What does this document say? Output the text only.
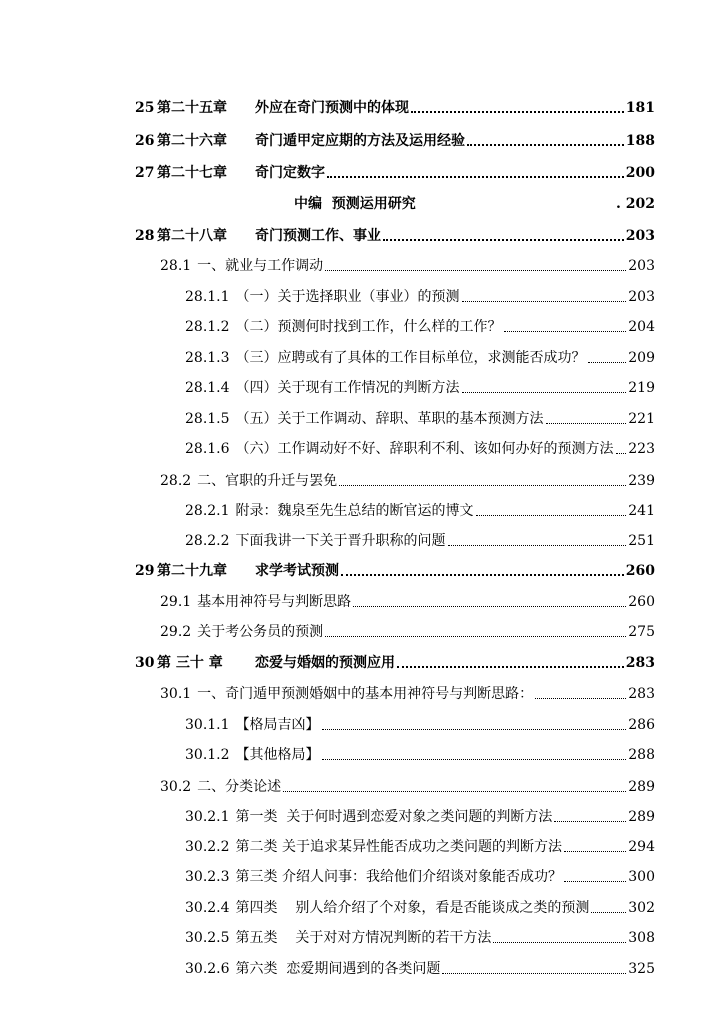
25 第二十五章	外应在奇门预测中的体现	181
26 第二十六章	奇门遁甲定应期的方法及运用经验	188
27 第二十七章	奇门定数字	200
中编  预测运用研究	. 202
28 第二十八章	奇门预测工作、事业	203
28.1 一、就业与工作调动	203
28.1.1 （一）关于选择职业（事业）的预测	203
28.1.2 （二）预测何时找到工作，什么样的工作？	204
28.1.3 （三）应聘或有了具体的工作目标单位，求测能否成功？	209
28.1.4 （四）关于现有工作情况的判断方法	219
28.1.5 （五）关于工作调动、辞职、革职的基本预测方法	221
28.1.6 （六）工作调动好不好、辞职利不利、该如何办好的预测方法 223
28.2 二、官职的升迁与罢免	239
28.2.1 附录：魏泉至先生总结的断官运的博文	241
28.2.2 下面我讲一下关于晋升职称的问题	251
29 第二十九章	求学考试预测	260
29.1 基本用神符号与判断思路	260
29.2 关于考公务员的预测	275
30 第 三十 章	恋爱与婚姻的预测应用	283
30.1 一、奇门遁甲预测婚姻中的基本用神符号与判断思路：	283
30.1.1 【格局吉凶】	286
30.1.2 【其他格局】	288
30.2 二、分类论述	289
30.2.1 第一类  关于何时遇到恋爱对象之类问题的判断方法	289
30.2.2 第二类 关于追求某异性能否成功之类问题的判断方法	294
30.2.3 第三类 介绍人问事：我给他们介绍谈对象能否成功？	300
30.2.4 第四类    别人给介绍了个对象，看是否能谈成之类的预测	302
30.2.5 第五类    关于对对方情况判断的若干方法	308
30.2.6 第六类  恋爱期间遇到的各类问题	325
